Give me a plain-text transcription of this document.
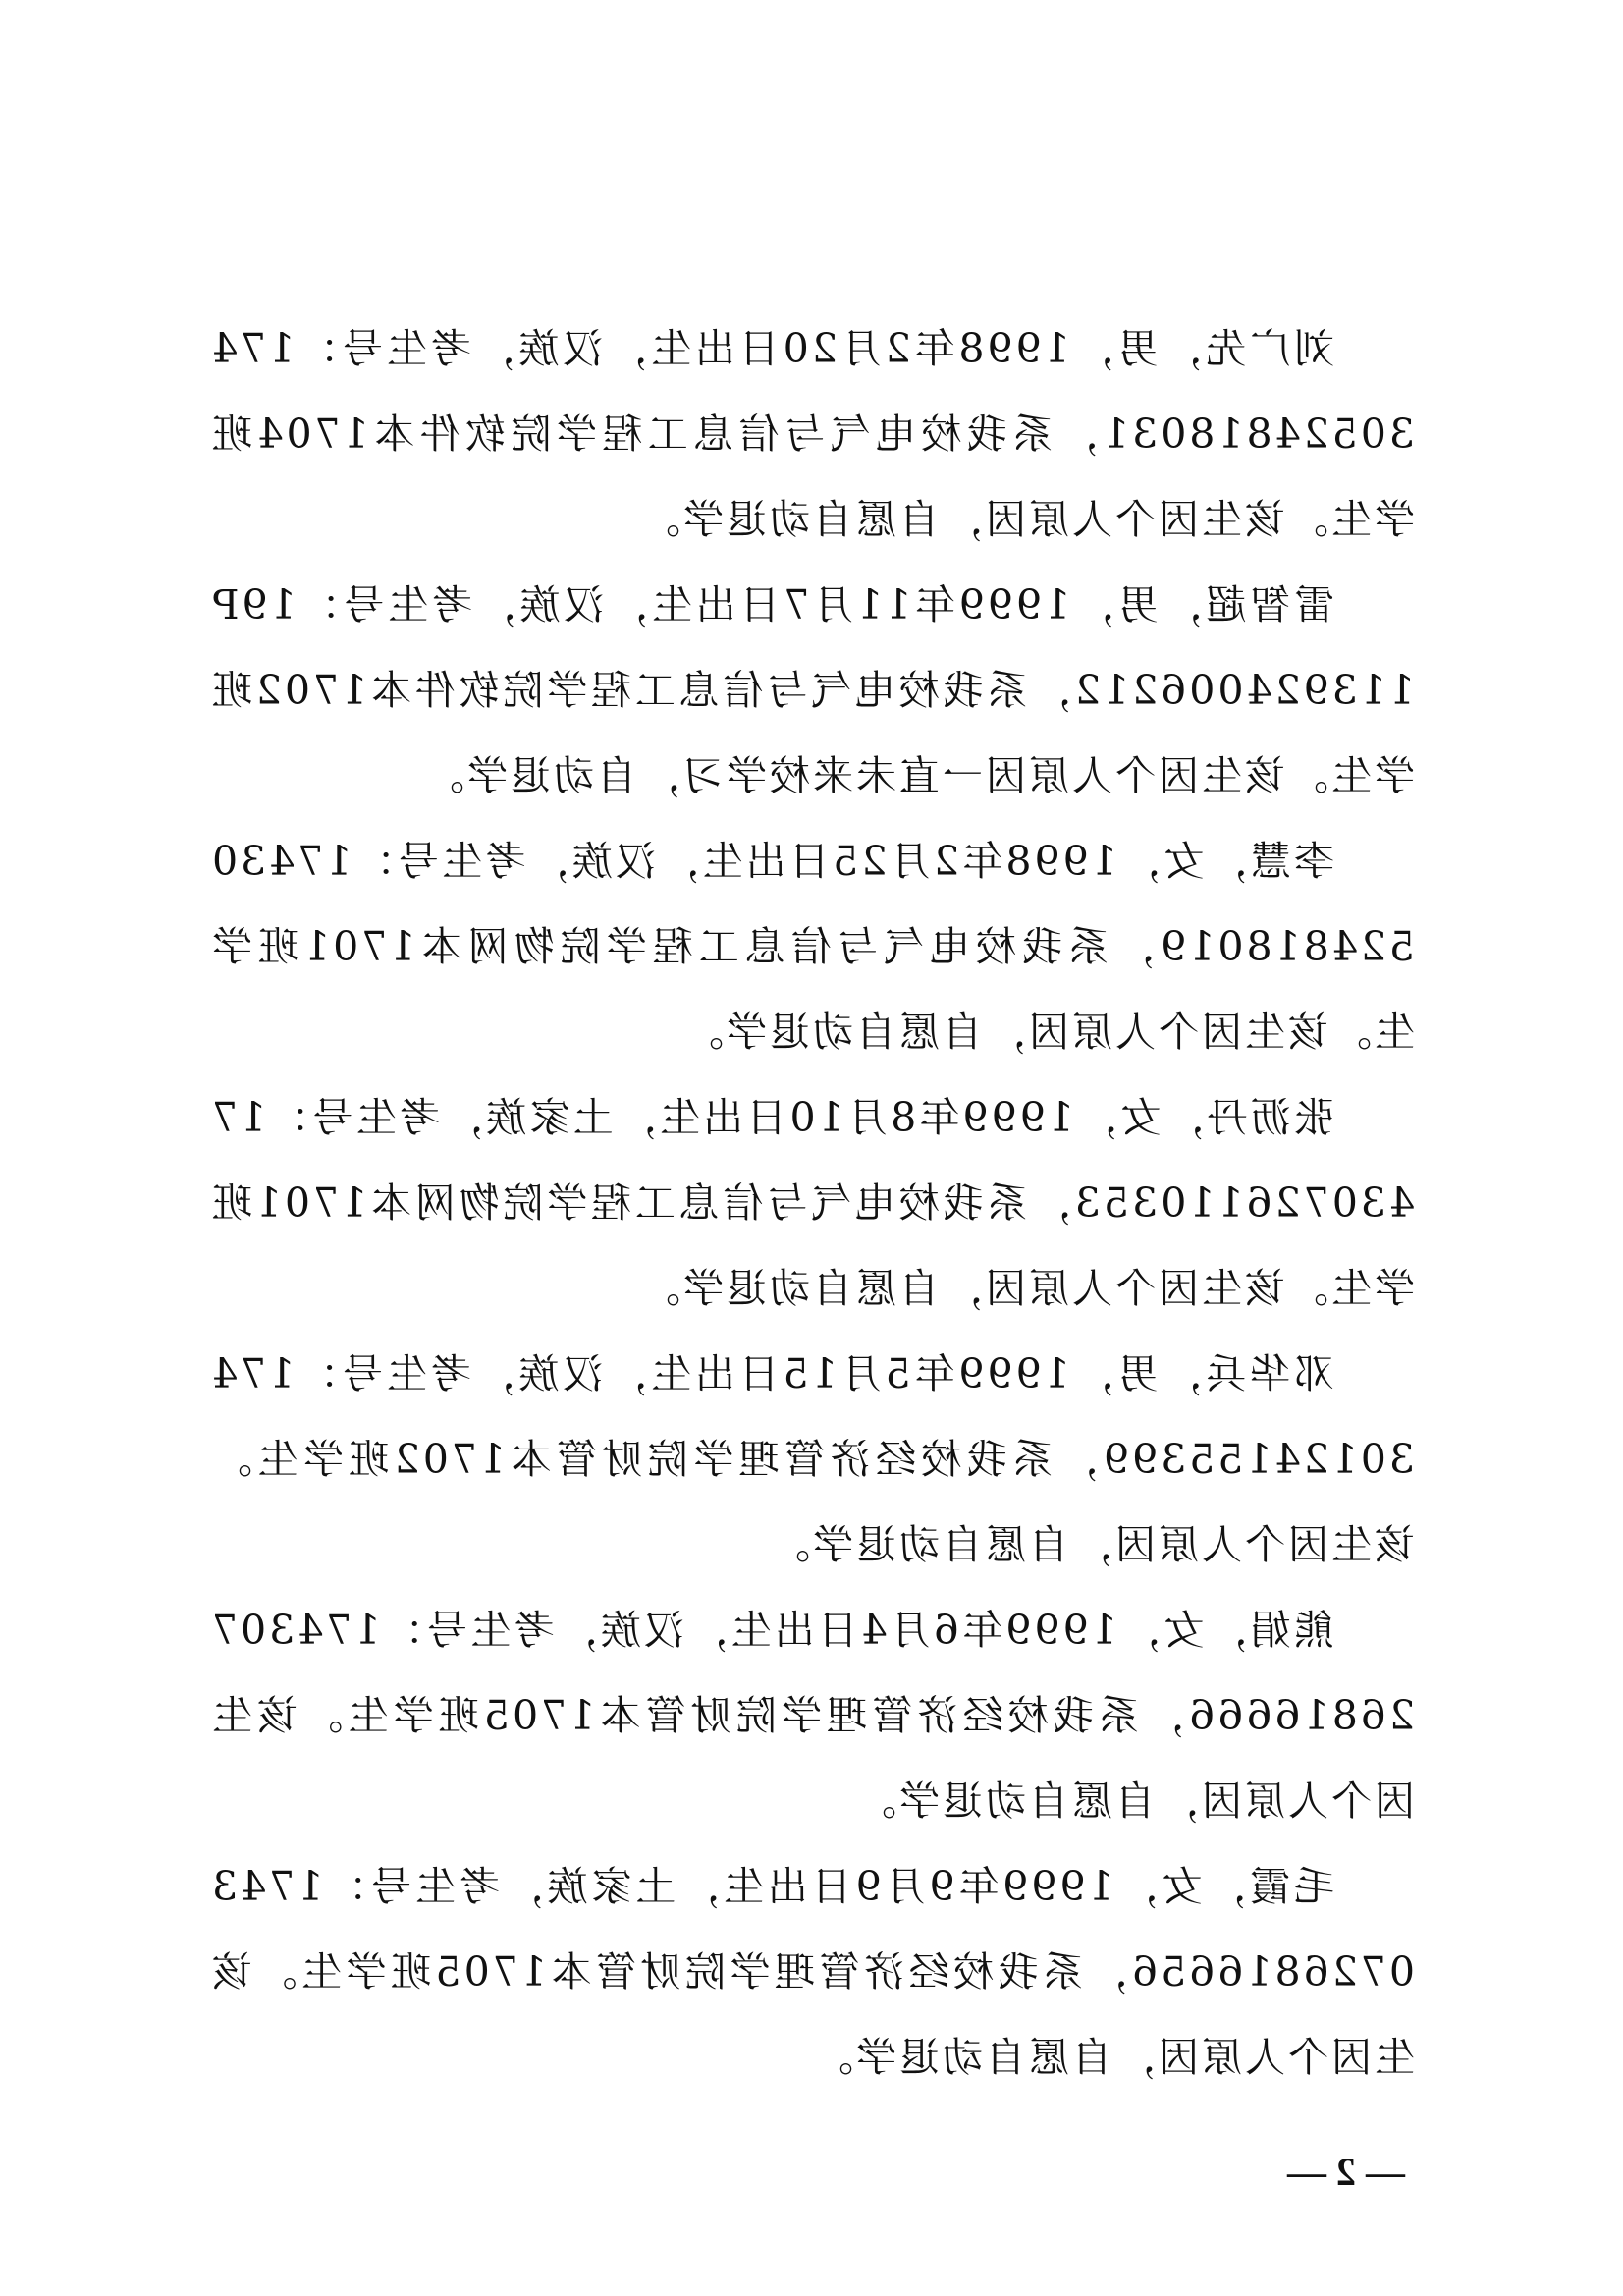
刘广先，男，1998年2月20日出生，汉族，考生号：17430524818031，系我校电气与信息工程学院软件本1704班学生。该生因个人原因，自愿自动退学。

雷智超，男，1999年11月7日出生，汉族，考生号：19P11392400621​2，系我校电气与信息工程学院软件本1702班学生。该生因个人原因一直未来校学习，自动退学。

李慧，女，1998年2月25日出生，汉族，考生号：17430524818019，系我校电气与信息工程学院物网本1701班学生。该生因个人原因，自愿自动退学。

张沥丹，女，1999年8月10日出生，土家族，考生号：17430726110353，系我校电气与信息工程学院物网本1701班学生。该生因个人原因，自愿自动退学。

邓华兵，男，1999年5月15日出生，汉族，考生号：17430124155399，系我校经济管理学院财管本1702班学生。该生因个人原因，自愿自动退学。

熊娟，女，1999年6月4日出生，汉族，考生号：17430726816666，系我校经济管理学院财管本1705班学生。该生因个人原因，自愿自动退学。

毛霞，女，1999年9月9日出生，土家族，考生号：17430726816656，系我校经济管理学院财管本1705班学生。该生因个人原因，自愿自动退学。

— 2 —
